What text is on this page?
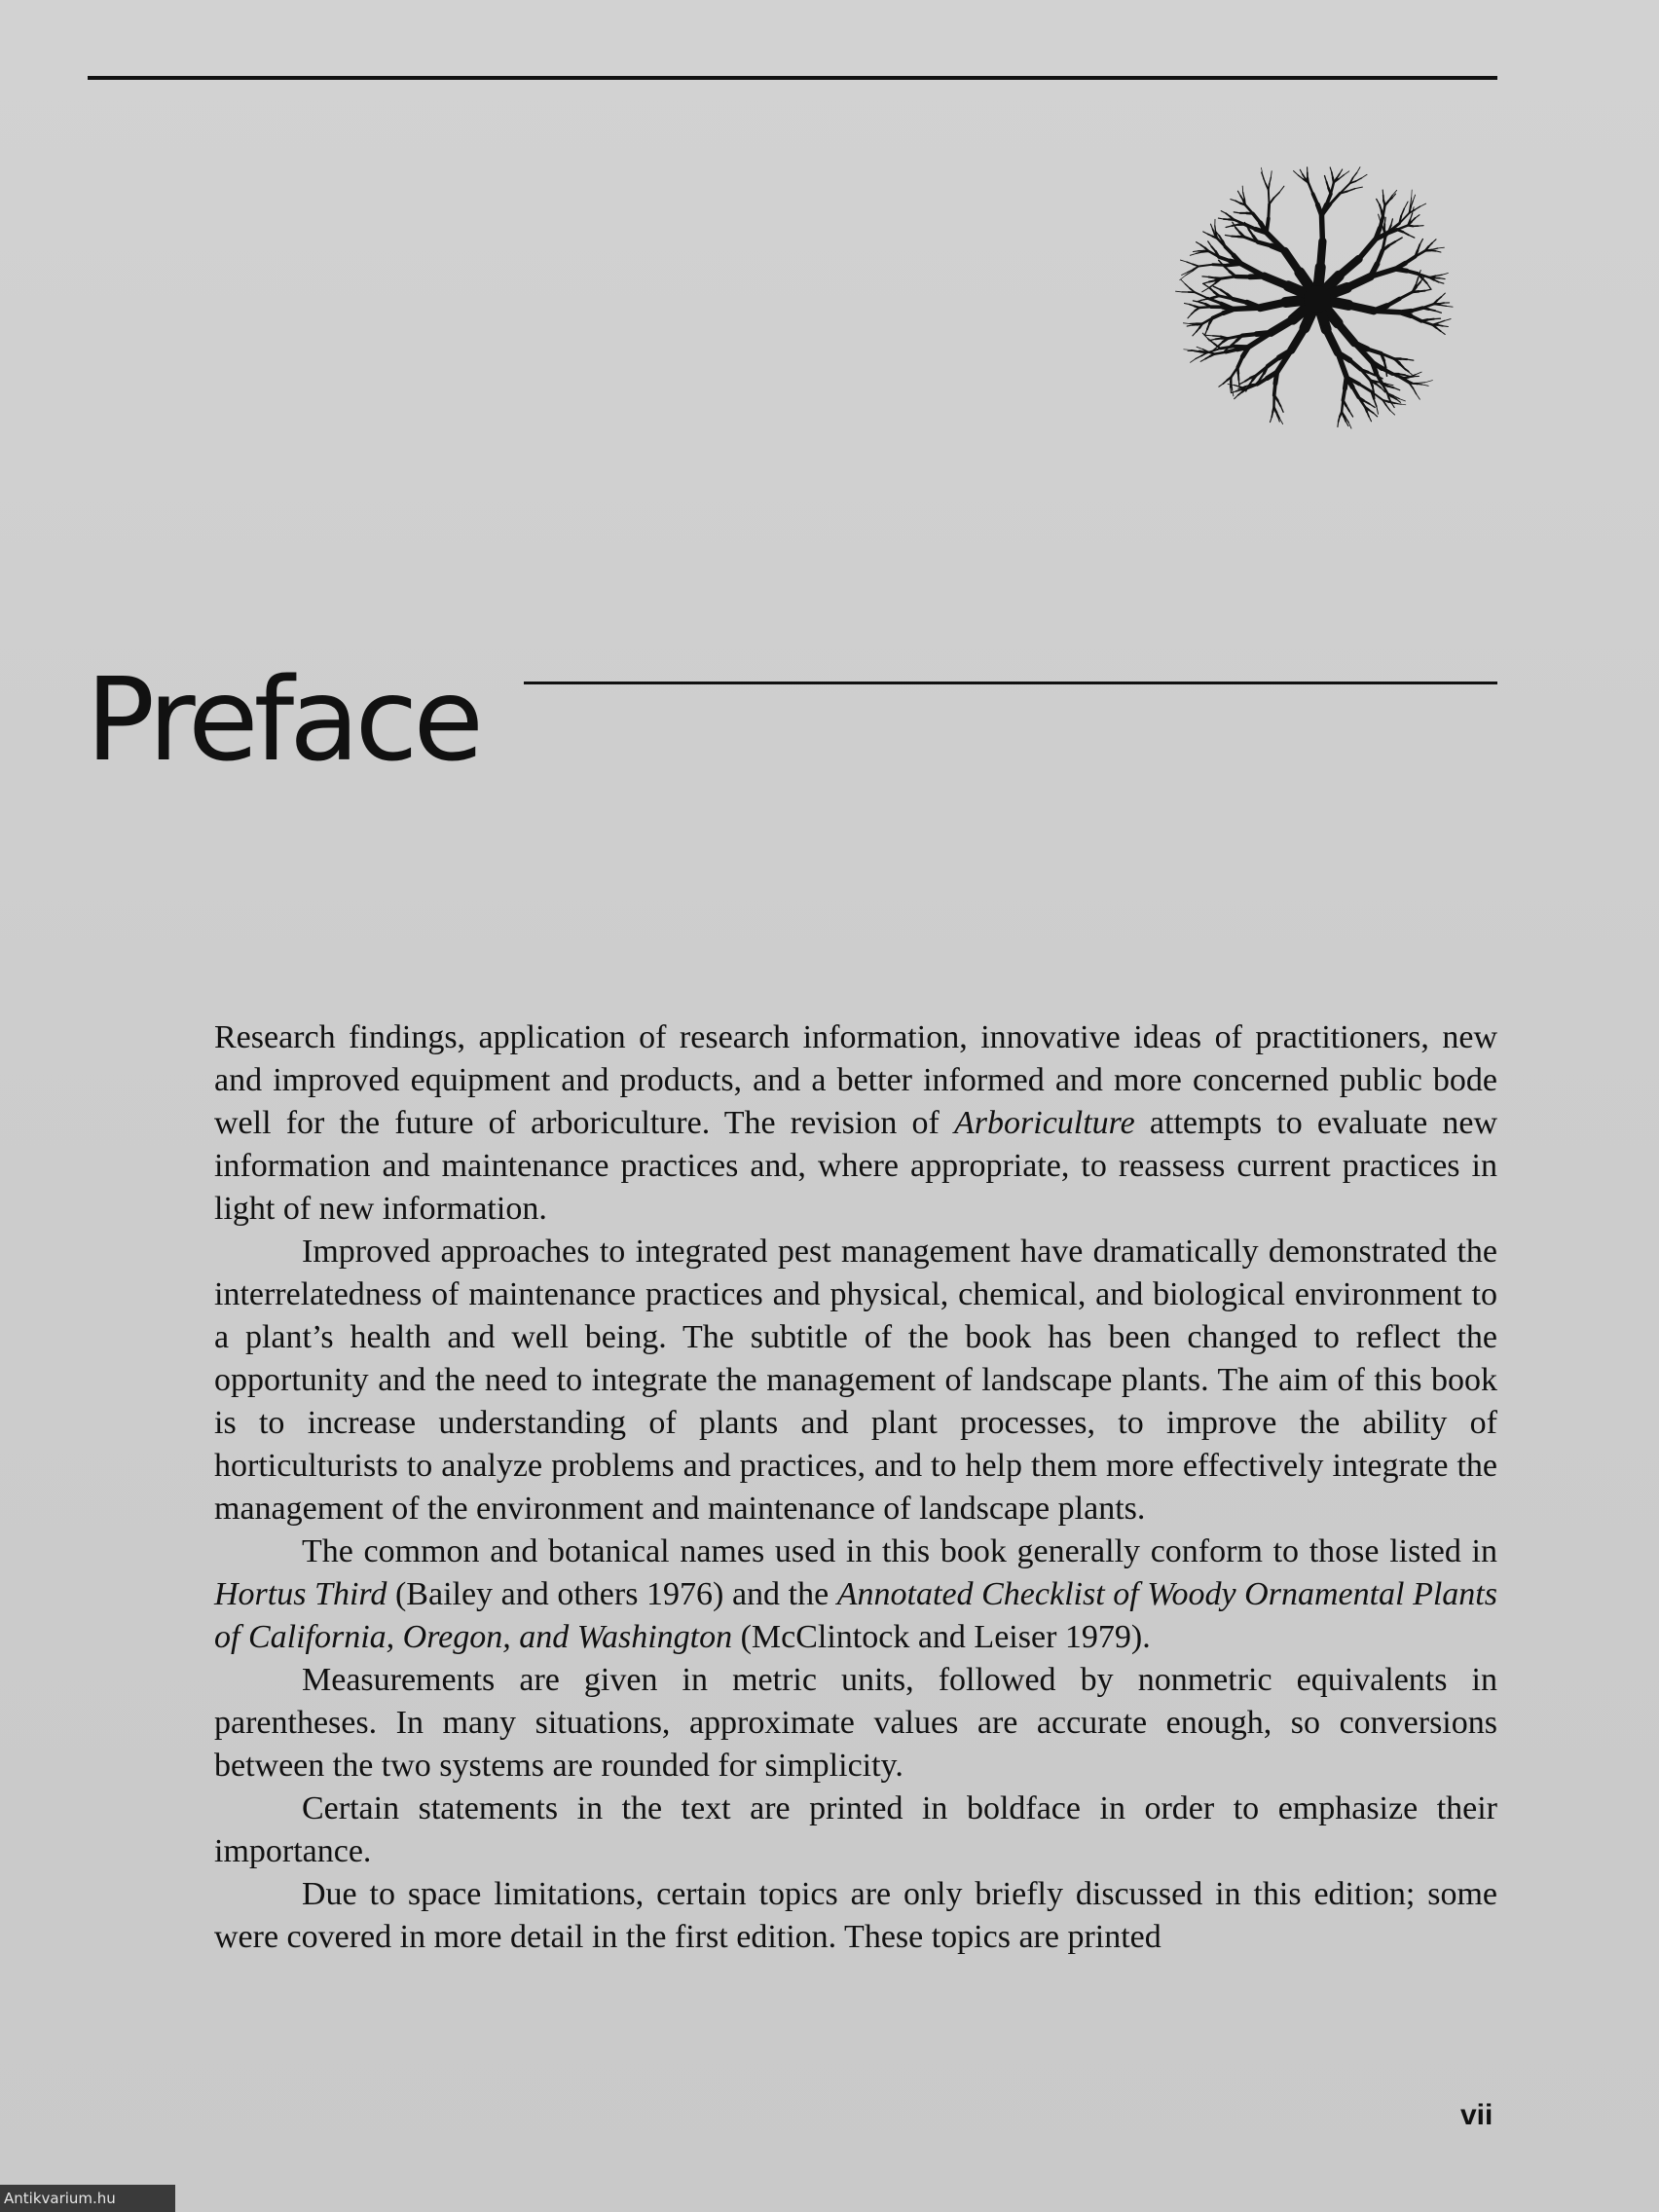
Preface

Research findings, application of research information, innovative ideas of practitioners, new and improved equipment and products, and a better informed and more concerned public bode well for the future of arboriculture. The revision of Arboriculture attempts to evaluate new information and maintenance practices and, where appropriate, to reassess current practices in light of new information.

Improved approaches to integrated pest management have dramatically demonstrated the interrelatedness of maintenance practices and physical, chemical, and biological environment to a plant’s health and well being. The subtitle of the book has been changed to reflect the opportunity and the need to integrate the management of landscape plants. The aim of this book is to increase understanding of plants and plant processes, to improve the ability of horticulturists to analyze problems and practices, and to help them more effectively integrate the management of the environment and maintenance of landscape plants.

The common and botanical names used in this book generally conform to those listed in Hortus Third (Bailey and others 1976) and the Annotated Checklist of Woody Ornamental Plants of California, Oregon, and Washington (McClintock and Leiser 1979).

Measurements are given in metric units, followed by nonmetric equivalents in parentheses. In many situations, approximate values are accurate enough, so conversions between the two systems are rounded for simplicity.

Certain statements in the text are printed in boldface in order to emphasize their importance.

Due to space limitations, certain topics are only briefly discussed in this edition; some were covered in more detail in the first edition. These topics are printed

vii
Antikvarium.hu
